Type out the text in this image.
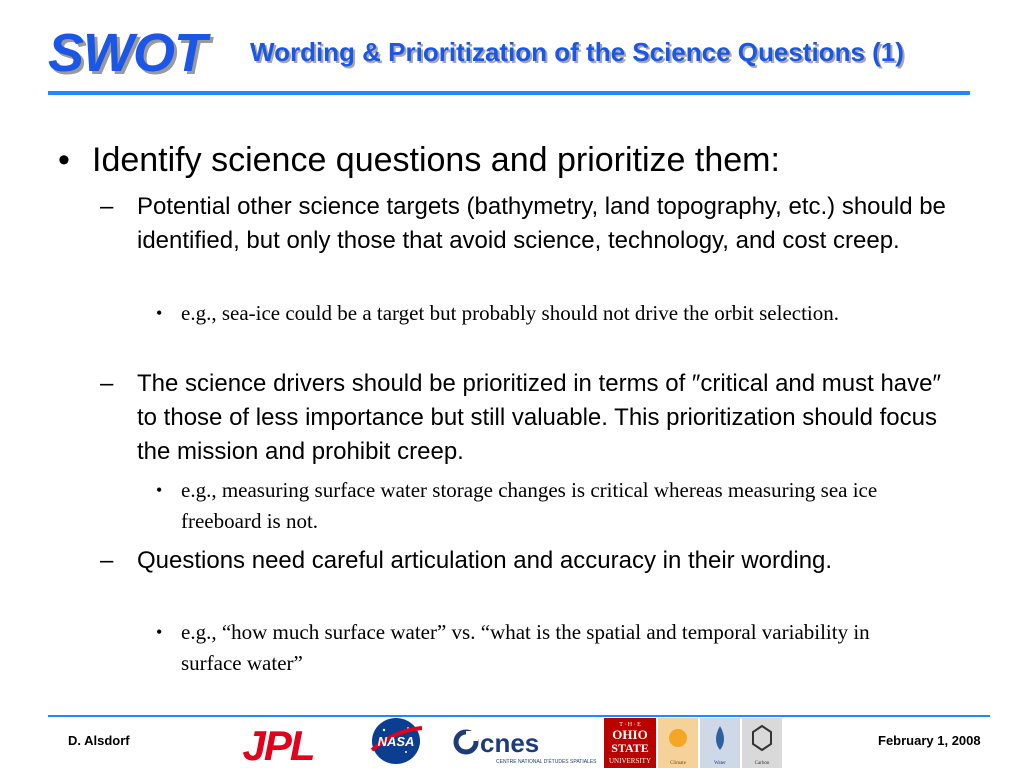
SWOT Wording & Prioritization of the Science Questions (1)
• Identify science questions and prioritize them:
– Potential other science targets (bathymetry, land topography, etc.) should be identified, but only those that avoid science, technology, and cost creep.
• e.g., sea-ice could be a target but probably should not drive the orbit selection.
– The science drivers should be prioritized in terms of ″critical and must have″ to those of less importance but still valuable. This prioritization should focus the mission and prohibit creep.
• e.g., measuring surface water storage changes is critical whereas measuring sea ice freeboard is not.
– Questions need careful articulation and accuracy in their wording.
• e.g., “how much surface water” vs. “what is the spatial and temporal variability in surface water”
D. Alsdorf	February 1, 2008
JPL	NASA	cnes
CENTRE NATIONAL D'ÉTUDES SPATIALES
T · H · E
OHIO
STATE
UNIVERSITY	Climate	Water	Carbon
